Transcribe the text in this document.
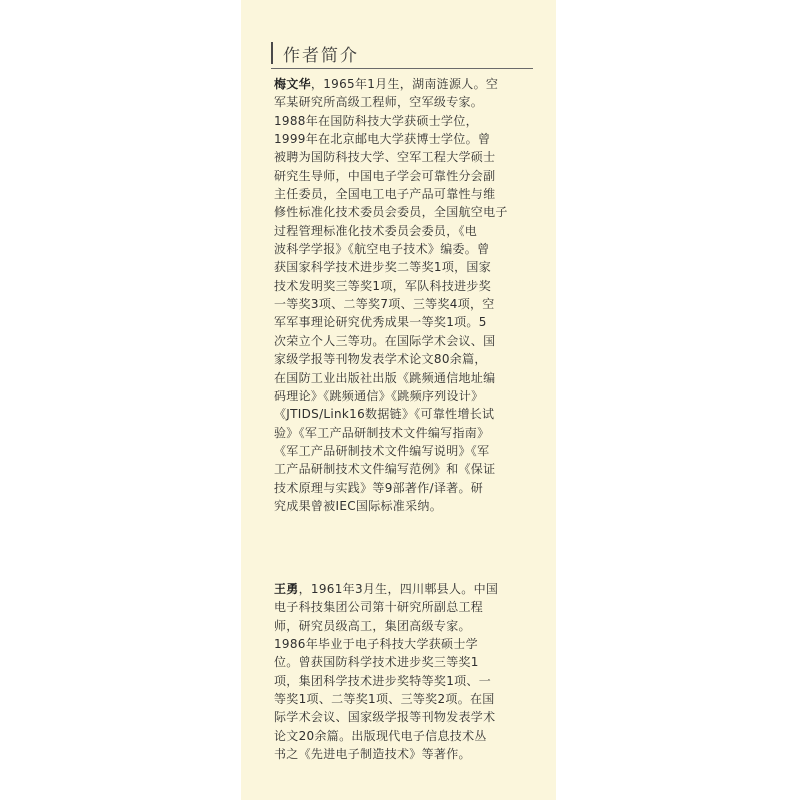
作者简介
梅文华，1965年1月生，湖南涟源人。空
军某研究所高级工程师，空军级专家。
1988年在国防科技大学获硕士学位，
1999年在北京邮电大学获博士学位。曾
被聘为国防科技大学、空军工程大学硕士
研究生导师，中国电子学会可靠性分会副
主任委员，全国电工电子产品可靠性与维
修性标准化技术委员会委员，全国航空电子
过程管理标准化技术委员会委员，《电
波科学学报》《航空电子技术》编委。曾
获国家科学技术进步奖二等奖1项，国家
技术发明奖三等奖1项，军队科技进步奖
一等奖3项、二等奖7项、三等奖4项，空
军军事理论研究优秀成果一等奖1项。5
次荣立个人三等功。在国际学术会议、国
家级学报等刊物发表学术论文80余篇，
在国防工业出版社出版《跳频通信地址编
码理论》《跳频通信》《跳频序列设计》
《JTIDS/Link16数据链》《可靠性增长试
验》《军工产品研制技术文件编写指南》
《军工产品研制技术文件编写说明》《军
工产品研制技术文件编写范例》和《保证
技术原理与实践》等9部著作/译著。研
究成果曾被IEC国际标准采纳。
王勇，1961年3月生，四川郫县人。中国
电子科技集团公司第十研究所副总工程
师，研究员级高工，集团高级专家。
1986年毕业于电子科技大学获硕士学
位。曾获国防科学技术进步奖三等奖1
项，集团科学技术进步奖特等奖1项、一
等奖1项、二等奖1项、三等奖2项。在国
际学术会议、国家级学报等刊物发表学术
论文20余篇。出版现代电子信息技术丛
书之《先进电子制造技术》等著作。
